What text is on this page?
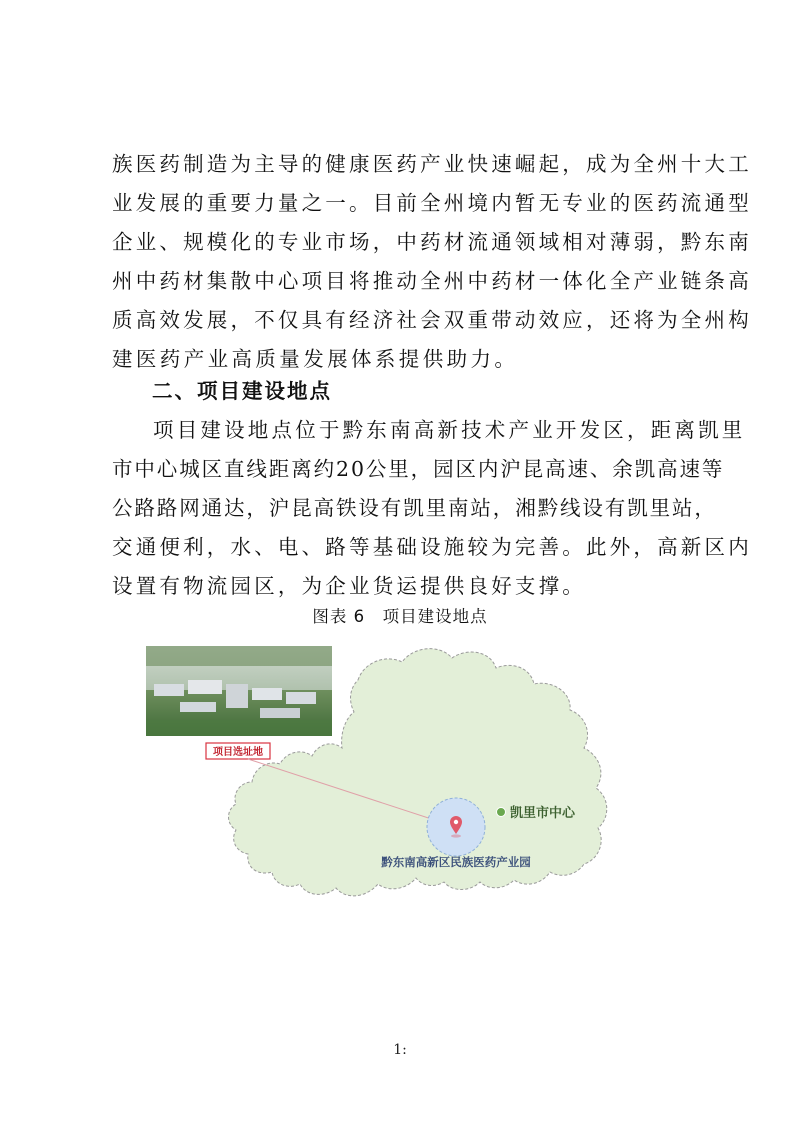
族医药制造为主导的健康医药产业快速崛起，成为全州十大工
业发展的重要力量之一。目前全州境内暂无专业的医药流通型
企业、规模化的专业市场，中药材流通领域相对薄弱，黔东南
州中药材集散中心项目将推动全州中药材一体化全产业链条高
质高效发展，不仅具有经济社会双重带动效应，还将为全州构
建医药产业高质量发展体系提供助力。
二、项目建设地点
项目建设地点位于黔东南高新技术产业开发区，距离凯里
市中心城区直线距离约20公里，园区内沪昆高速、余凯高速等
公路路网通达，沪昆高铁设有凯里南站，湘黔线设有凯里站，
交通便利，水、电、路等基础设施较为完善。此外，高新区内
设置有物流园区，为企业货运提供良好支撑。
图表 6　项目建设地点
项目选址地
凯里市中心
黔东南高新区民族医药产业园
1:
